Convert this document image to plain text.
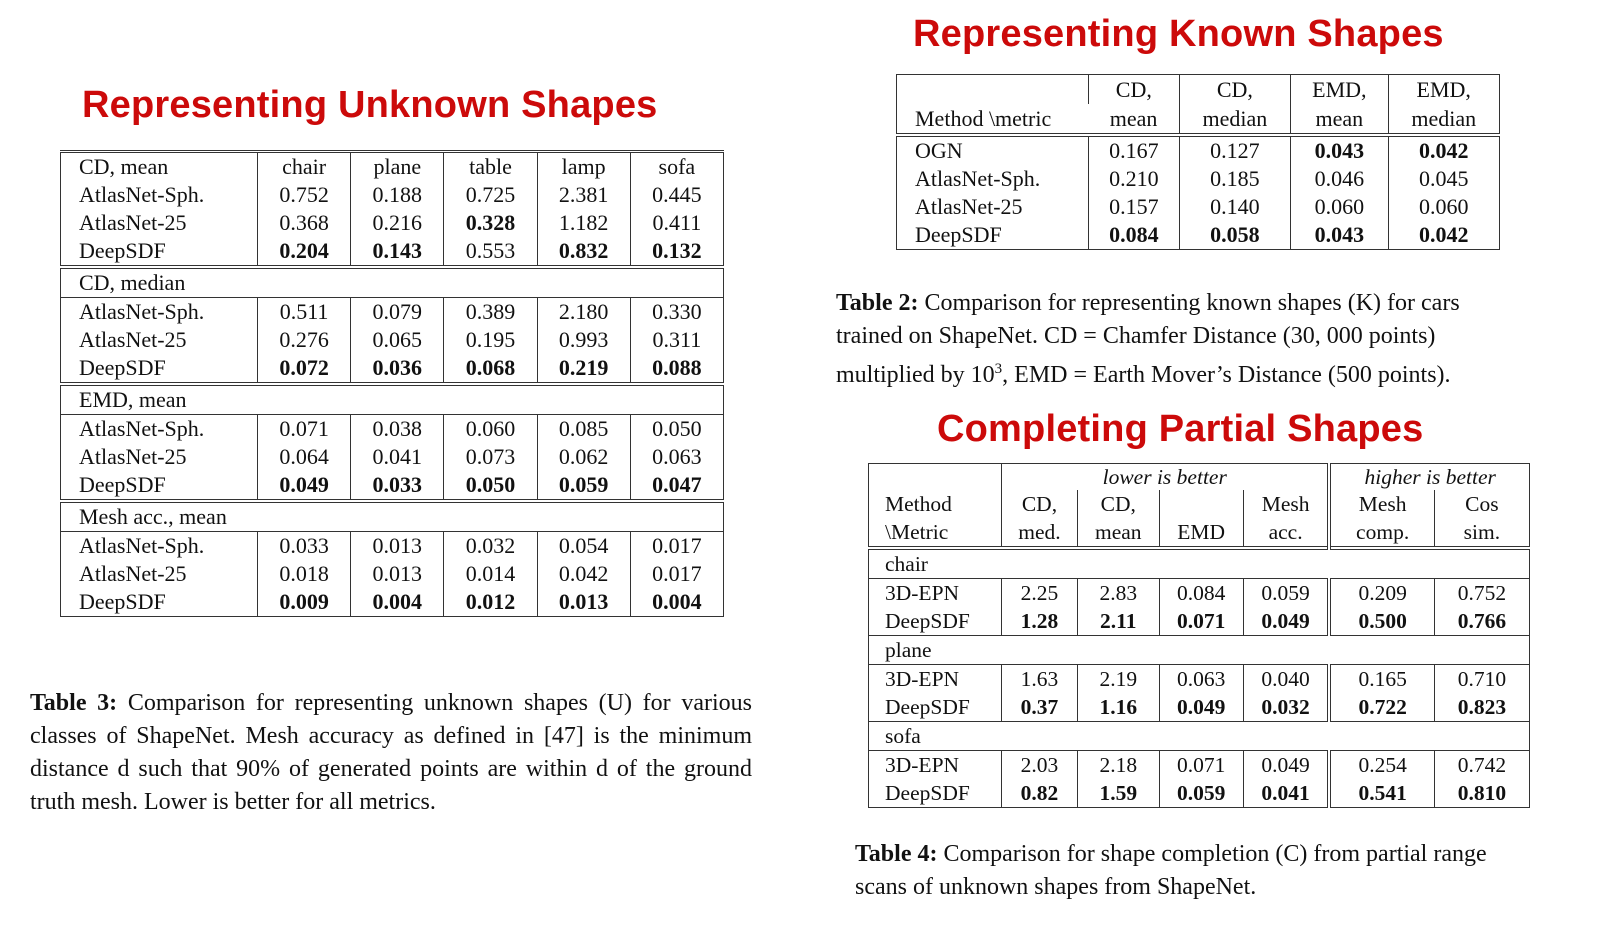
Representing Unknown Shapes
Representing Known Shapes
Completing Partial Shapes
CD, mean	chair	plane	table	lamp	sofa
AtlasNet-Sph.	0.752	0.188	0.725	2.381	0.445
AtlasNet-25	0.368	0.216	0.328	1.182	0.411
DeepSDF	0.204	0.143	0.553	0.832	0.132
CD, median					
AtlasNet-Sph.	0.511	0.079	0.389	2.180	0.330
AtlasNet-25	0.276	0.065	0.195	0.993	0.311
DeepSDF	0.072	0.036	0.068	0.219	0.088
EMD, mean					
AtlasNet-Sph.	0.071	0.038	0.060	0.085	0.050
AtlasNet-25	0.064	0.041	0.073	0.062	0.063
DeepSDF	0.049	0.033	0.050	0.059	0.047
Mesh acc., mean					
AtlasNet-Sph.	0.033	0.013	0.032	0.054	0.017
AtlasNet-25	0.018	0.013	0.014	0.042	0.017
DeepSDF	0.009	0.004	0.012	0.013	0.004
Table 3: Comparison for representing unknown shapes (U) for various classes of ShapeNet. Mesh accuracy as defined in [47] is the minimum distance d such that 90% of generated points are within d of the ground truth mesh. Lower is better for all metrics.
Method \metric	CD,	CD,	EMD,	EMD,
	mean	median	mean	median
OGN	0.167	0.127	0.043	0.042
AtlasNet-Sph.	0.210	0.185	0.046	0.045
AtlasNet-25	0.157	0.140	0.060	0.060
DeepSDF	0.084	0.058	0.043	0.042
Table 2: Comparison for representing known shapes (K) for cars
trained on ShapeNet. CD = Chamfer Distance (30, 000 points)
multiplied by $10^3$, EMD = Earth Mover’s Distance (500 points).
Method
\Metric	lower is better				higher is better	
	CD,	CD,		Mesh	Mesh	Cos
	med.	mean	EMD	acc.	comp.	sim.
chair						
3D-EPN	2.25	2.83	0.084	0.059	0.209	0.752
DeepSDF	1.28	2.11	0.071	0.049	0.500	0.766
plane						
3D-EPN	1.63	2.19	0.063	0.040	0.165	0.710
DeepSDF	0.37	1.16	0.049	0.032	0.722	0.823
sofa						
3D-EPN	2.03	2.18	0.071	0.049	0.254	0.742
DeepSDF	0.82	1.59	0.059	0.041	0.541	0.810
Table 4: Comparison for shape completion (C) from partial range
scans of unknown shapes from ShapeNet.
